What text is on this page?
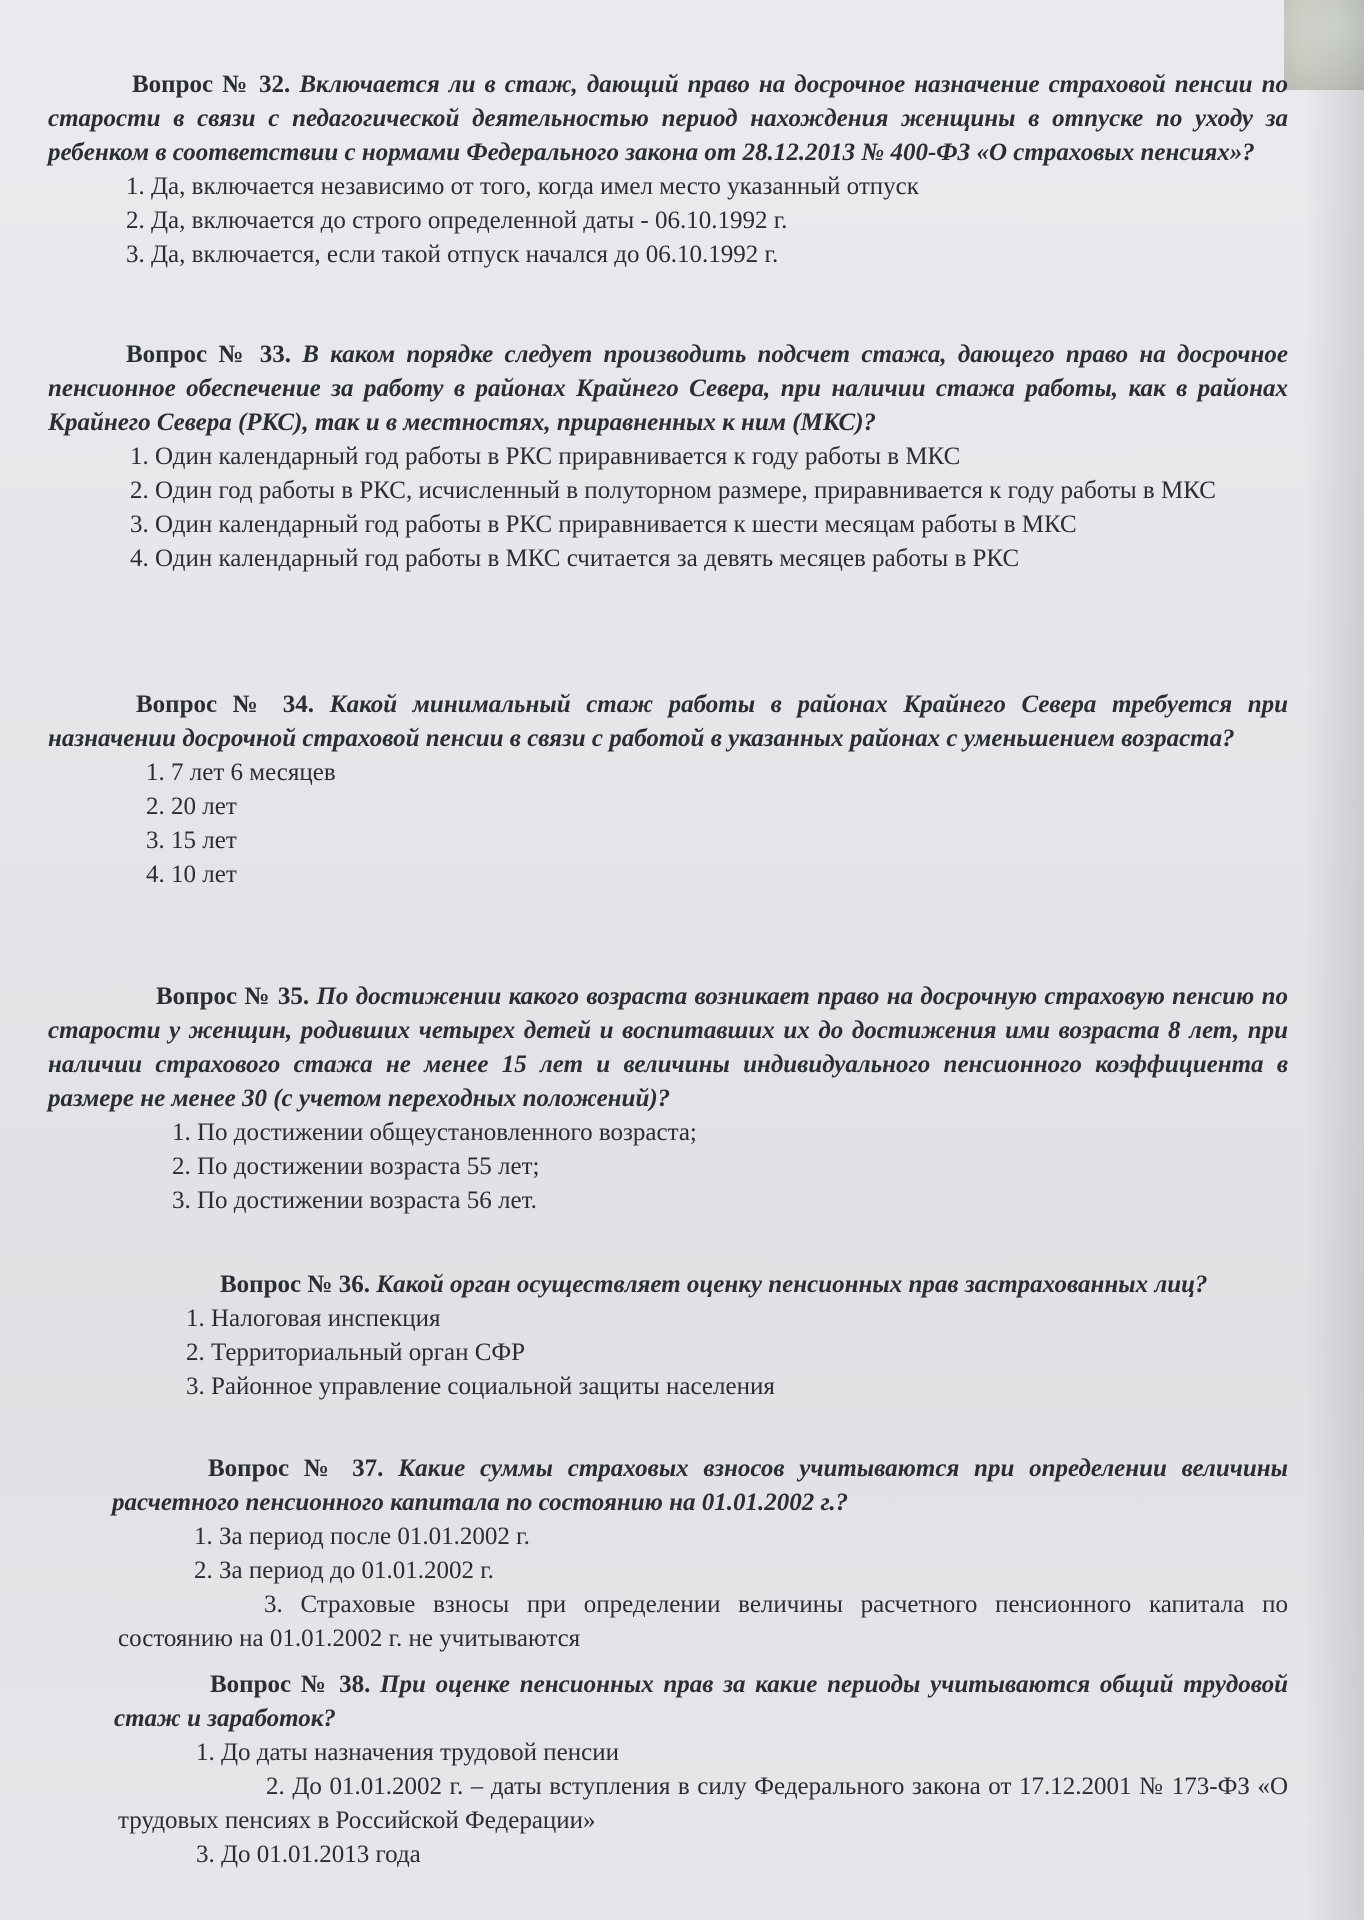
Вопрос № 32. Включается ли в стаж, дающий право на досрочное назначение страховой пенсии по старости в связи с педагогической деятельностью период нахождения женщины в отпуске по уходу за ребенком в соответствии с нормами Федерального закона от 28.12.2013 № 400-ФЗ «О страховых пенсиях»?

1. Да, включается независимо от того, когда имел место указанный отпуск
2. Да, включается до строго определенной даты - 06.10.1992 г.
3. Да, включается, если такой отпуск начался до 06.10.1992 г.

Вопрос № 33. В каком порядке следует производить подсчет стажа, дающего право на досрочное пенсионное обеспечение за работу в районах Крайнего Севера, при наличии стажа работы, как в районах Крайнего Севера (РКС), так и в местностях, приравненных к ним (МКС)?

1. Один календарный год работы в РКС приравнивается к году работы в МКС
2. Один год работы в РКС, исчисленный в полуторном размере, приравнивается к году работы в МКС
3. Один календарный год работы в РКС приравнивается к шести месяцам работы в МКС
4. Один календарный год работы в МКС считается за девять месяцев работы в РКС

Вопрос № 34. Какой минимальный стаж работы в районах Крайнего Севера требуется при назначении досрочной страховой пенсии в связи с работой в указанных районах с уменьшением возраста?

1. 7 лет 6 месяцев
2. 20 лет
3. 15 лет
4. 10 лет

Вопрос № 35. По достижении какого возраста возникает право на досрочную страховую пенсию по старости у женщин, родивших четырех детей и воспитавших их до достижения ими возраста 8 лет, при наличии страхового стажа не менее 15 лет и величины индивидуального пенсионного коэффициента в размере не менее 30 (с учетом переходных положений)?

1. По достижении общеустановленного возраста;
2. По достижении возраста 55 лет;
3. По достижении возраста 56 лет.

Вопрос № 36. Какой орган осуществляет оценку пенсионных прав застрахованных лиц?

1. Налоговая инспекция
2. Территориальный орган СФР
3. Районное управление социальной защиты населения

Вопрос № 37. Какие суммы страховых взносов учитываются при определении величины расчетного пенсионного капитала по состоянию на 01.01.2002 г.?

1. За период после 01.01.2002 г.
2. За период до 01.01.2002 г.
3. Страховые взносы при определении величины расчетного пенсионного капитала по состоянию на 01.01.2002 г. не учитываются

Вопрос № 38. При оценке пенсионных прав за какие периоды учитываются общий трудовой стаж и заработок?

1. До даты назначения трудовой пенсии
2. До 01.01.2002 г. – даты вступления в силу Федерального закона от 17.12.2001 № 173-ФЗ «О трудовых пенсиях в Российской Федерации»
3. До 01.01.2013 года
